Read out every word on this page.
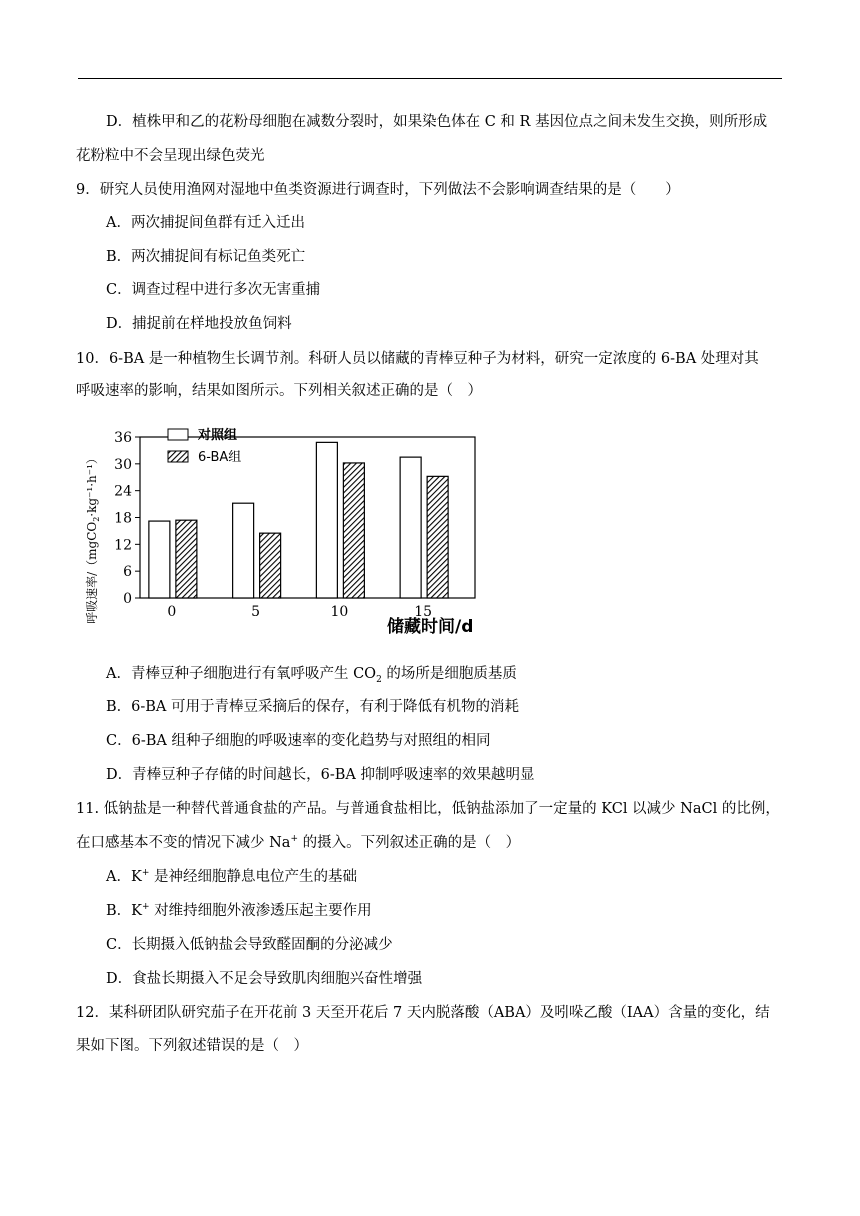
D．植株甲和乙的花粉母细胞在减数分裂时，如果染色体在 C 和 R 基因位点之间未发生交换，则所形成
花粉粒中不会呈现出绿色荧光
9．研究人员使用渔网对湿地中鱼类资源进行调查时，下列做法不会影响调查结果的是（　　）
A．两次捕捉间鱼群有迁入迁出
B．两次捕捉间有标记鱼类死亡
C．调查过程中进行多次无害重捕
D．捕捉前在样地投放鱼饲料
10．6-BA 是一种植物生长调节剂。科研人员以储藏的青棒豆种子为材料，研究一定浓度的 6-BA 处理对其
呼吸速率的影响，结果如图所示。下列相关叙述正确的是（　）
呼吸速率/（mgCO$_2$·kg⁻¹·h⁻¹）
0
6
12
18
24
30
36
0	5	10	15
对照组
6-BA组
储藏时间/d
A．青棒豆种子细胞进行有氧呼吸产生 $CO_2$ 的场所是细胞质基质
B．6-BA 可用于青棒豆采摘后的保存，有利于降低有机物的消耗
C．6-BA 组种子细胞的呼吸速率的变化趋势与对照组的相同
D．青棒豆种子存储的时间越长，6-BA 抑制呼吸速率的效果越明显
11. 低钠盐是一种替代普通食盐的产品。与普通食盐相比，低钠盐添加了一定量的 KCl 以减少 NaCl 的比例，
在口感基本不变的情况下减少 Na+ 的摄入。下列叙述正确的是（　）
A．K+ 是神经细胞静息电位产生的基础
B．K+ 对维持细胞外液渗透压起主要作用
C．长期摄入低钠盐会导致醛固酮的分泌减少
D．食盐长期摄入不足会导致肌肉细胞兴奋性增强
12．某科研团队研究茄子在开花前 3 天至开花后 7 天内脱落酸（ABA）及吲哚乙酸（IAA）含量的变化，结
果如下图。下列叙述错误的是（　）
